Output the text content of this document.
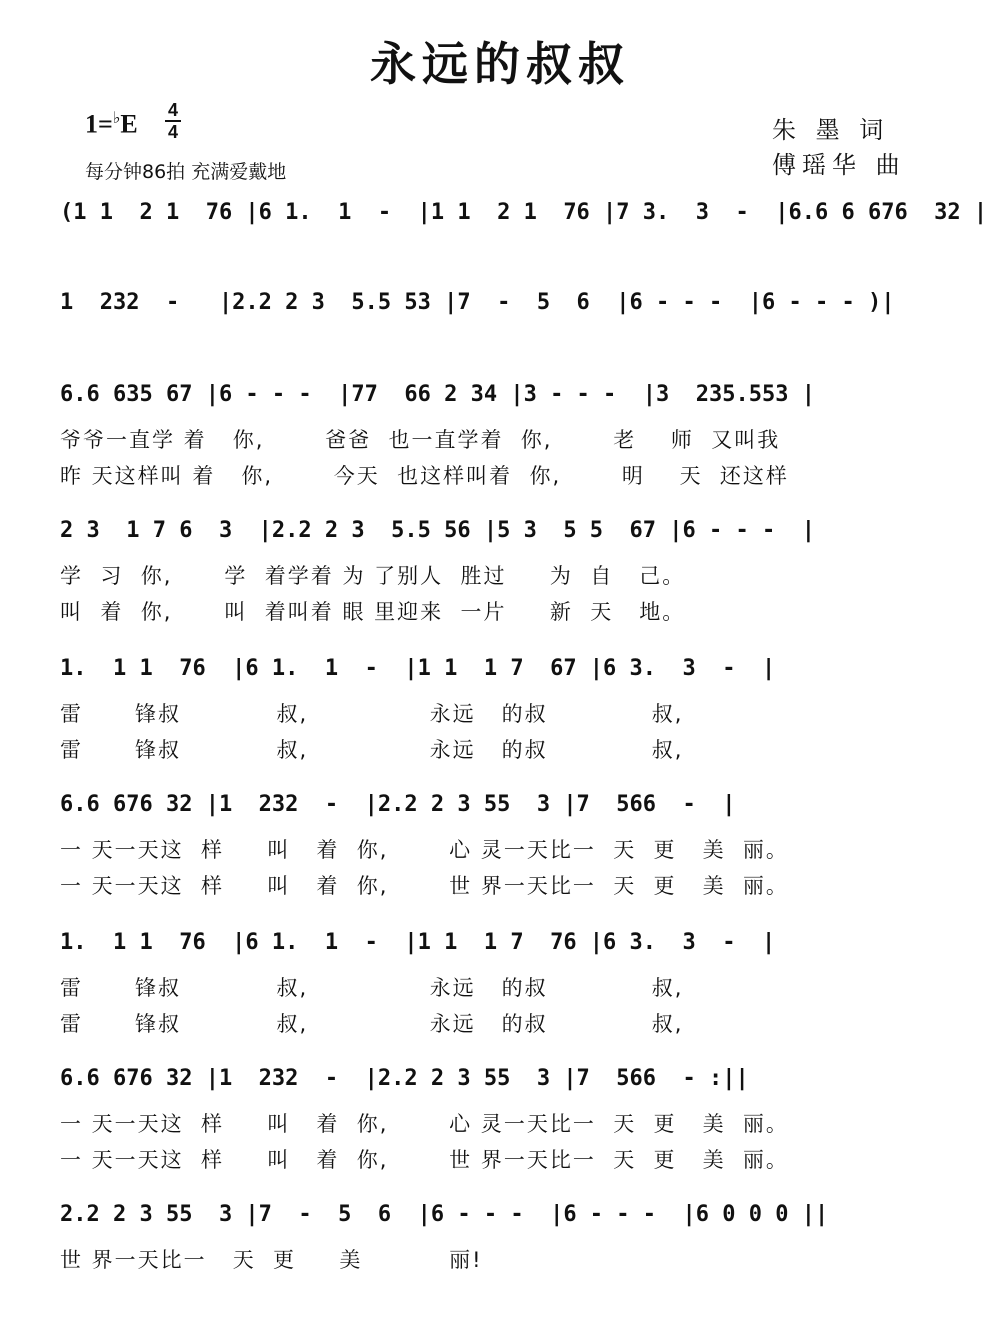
永远的叔叔
1=♭E 4
4
每分钟86拍 充满爱戴地
朱 墨 词
傅瑶华 曲
(1 1  2 1  76 |6 1.  1  -  |1 1  2 1  76 |7 3.  3  -  |6.6 6 676  32 |
1  232  -   |2.2 2 3  5.5 53 |7  -  5  6  |6 - - -  |6 - - - )|
6.6 635 67 |6 - - -  |77  66 2 34 |3 - - -  |3  235.553 |
爷爷一直学 着   你,       爸爸  也一直学着  你,       老    师  又叫我
昨 天这样叫 着   你,       今天  也这样叫着  你,       明    天  还这样
2 3  1 7 6  3  |2.2 2 3  5.5 56 |5 3  5 5  67 |6 - - -  |
学  习  你,      学  着学着 为 了别人  胜过     为  自   己。
叫  着  你,      叫  着叫着 眼 里迎来  一片     新  天   地。
1.  1 1  76  |6 1.  1  -  |1 1  1 7  67 |6 3.  3  -  |
雷      锋叔           叔,              永远   的叔            叔,
雷      锋叔           叔,              永远   的叔            叔,
6.6 676 32 |1  232  -  |2.2 2 3 55  3 |7  566  -  |
一 天一天这  样     叫   着  你,       心 灵一天比一  天  更   美  丽。
一 天一天这  样     叫   着  你,       世 界一天比一  天  更   美  丽。
1.  1 1  76  |6 1.  1  -  |1 1  1 7  76 |6 3.  3  -  |
雷      锋叔           叔,              永远   的叔            叔,
雷      锋叔           叔,              永远   的叔            叔,
6.6 676 32 |1  232  -  |2.2 2 3 55  3 |7  566  - :||
一 天一天这  样     叫   着  你,       心 灵一天比一  天  更   美  丽。
一 天一天这  样     叫   着  你,       世 界一天比一  天  更   美  丽。
2.2 2 3 55  3 |7  -  5  6  |6 - - -  |6 - - -  |6 0 0 0 ||
世 界一天比一   天  更     美          丽!
